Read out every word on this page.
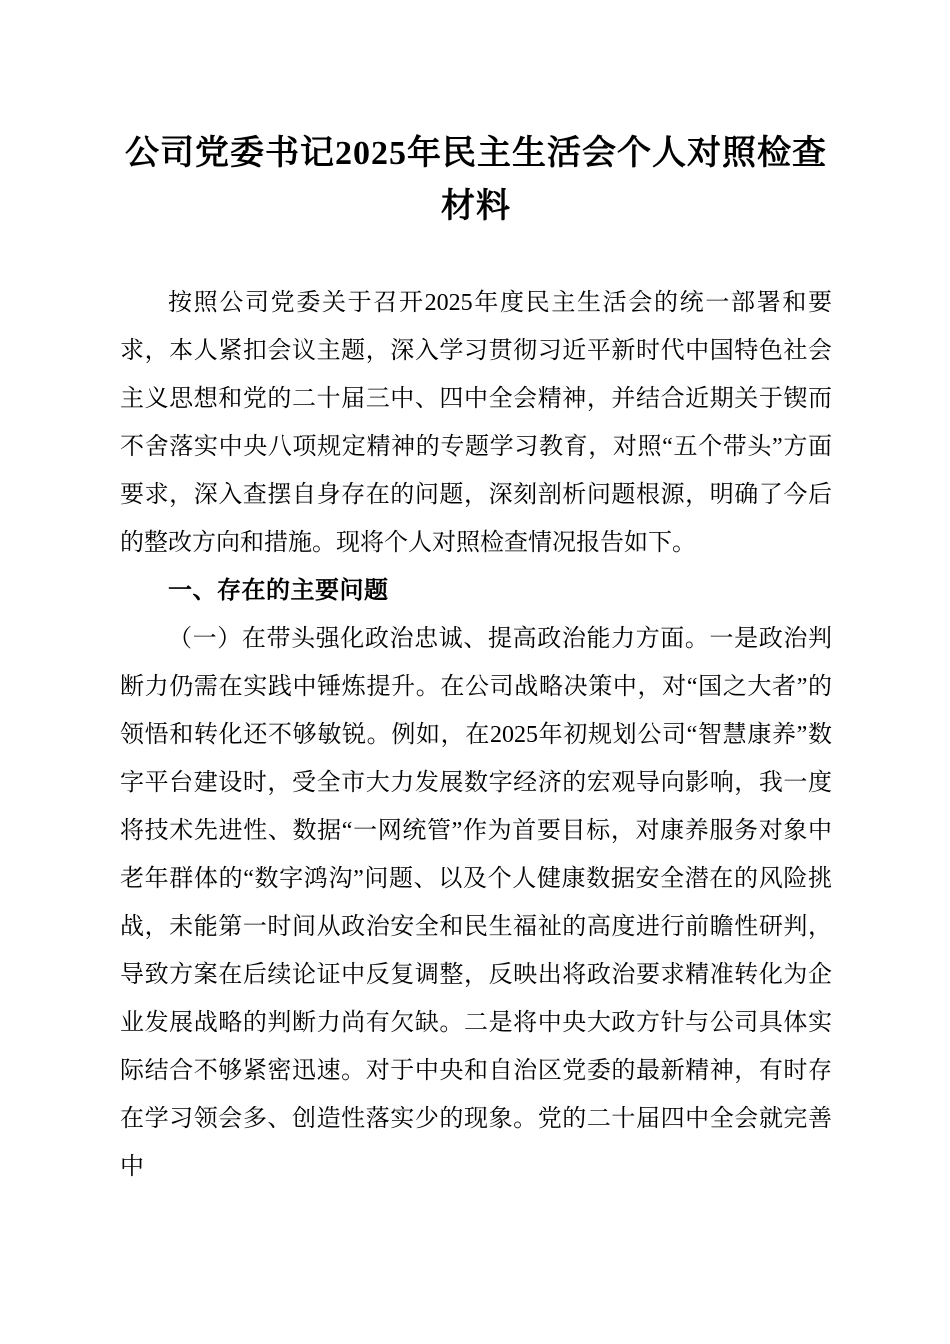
公司党委书记2025年民主生活会个人对照检查材料

按照公司党委关于召开2025年度民主生活会的统一部署和要求，本人紧扣会议主题，深入学习贯彻习近平新时代中国特色社会主义思想和党的二十届三中、四中全会精神，并结合近期关于锲而不舍落实中央八项规定精神的专题学习教育，对照“五个带头”方面要求，深入查摆自身存在的问题，深刻剖析问题根源，明确了今后的整改方向和措施。现将个人对照检查情况报告如下。

一、存在的主要问题

（一）在带头强化政治忠诚、提高政治能力方面。一是政治判断力仍需在实践中锤炼提升。在公司战略决策中，对“国之大者”的领悟和转化还不够敏锐。例如，在2025年初规划公司“智慧康养”数字平台建设时，受全市大力发展数字经济的宏观导向影响，我一度将技术先进性、数据“一网统管”作为首要目标，对康养服务对象中老年群体的“数字鸿沟”问题、以及个人健康数据安全潜在的风险挑战，未能第一时间从政治安全和民生福祉的高度进行前瞻性研判，导致方案在后续论证中反复调整，反映出将政治要求精准转化为企业发展战略的判断力尚有欠缺。二是将中央大政方针与公司具体实际结合不够紧密迅速。对于中央和自治区党委的最新精神，有时存在学习领会多、创造性落实少的现象。党的二十届四中全会就完善中
